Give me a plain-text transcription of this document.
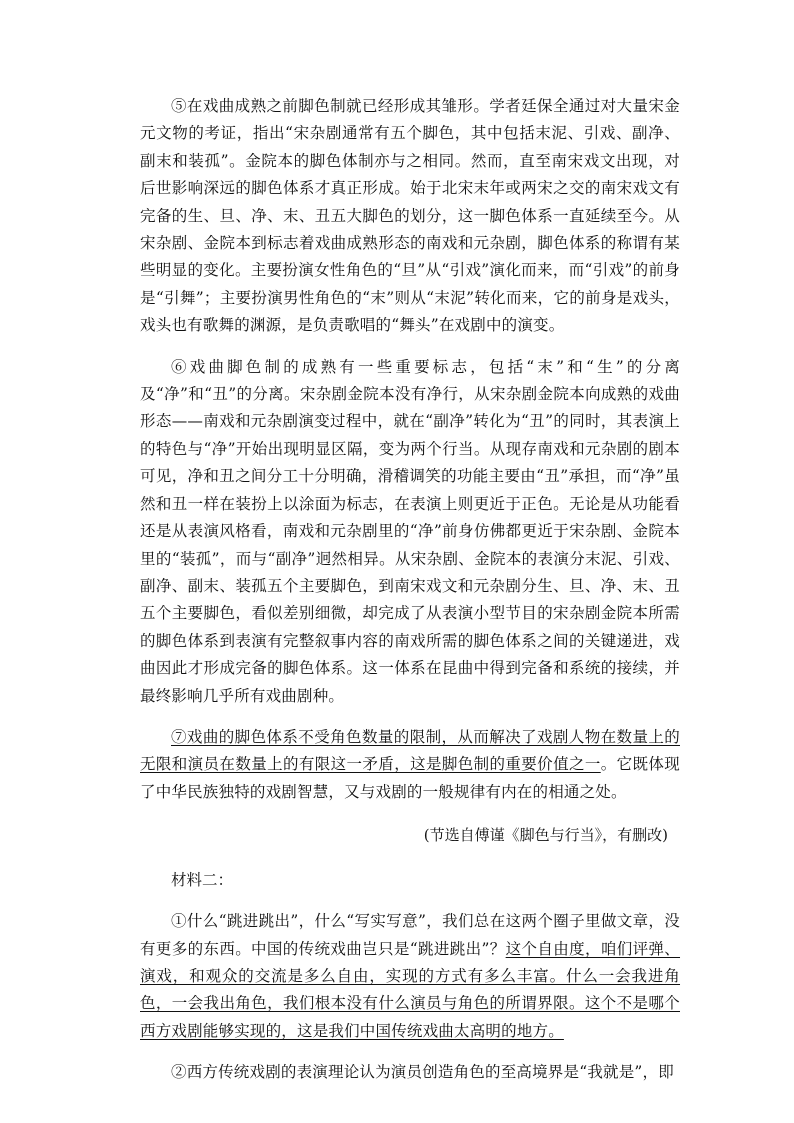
⑤在戏曲成熟之前脚色制就已经形成其雏形。学者廷保全通过对大量宋金元文物的考证，指出“宋杂剧通常有五个脚色，其中包括末泥、引戏、副净、副末和装孤”。金院本的脚色体制亦与之相同。然而，直至南宋戏文出现，对后世影响深远的脚色体系才真正形成。始于北宋末年或两宋之交的南宋戏文有完备的生、旦、净、末、丑五大脚色的划分，这一脚色体系一直延续至今。从宋杂剧、金院本到标志着戏曲成熟形态的南戏和元杂剧，脚色体系的称谓有某些明显的变化。主要扮演女性角色的“旦”从“引戏”演化而来，而“引戏”的前身是“引舞”；主要扮演男性角色的“末”则从“末泥”转化而来，它的前身是戏头，戏头也有歌舞的渊源，是负责歌唱的“舞头”在戏剧中的演变。

⑥戏曲脚色制的成熟有一些重要标志，包括“末”和“生”的分离及“净”和“丑”的分离。宋杂剧金院本没有净行，从宋杂剧金院本向成熟的戏曲形态——南戏和元杂剧演变过程中，就在“副净”转化为“丑”的同时，其表演上的特色与“净”开始出现明显区隔，变为两个行当。从现存南戏和元杂剧的剧本可见，净和丑之间分工十分明确，滑稽调笑的功能主要由“丑”承担，而“净”虽然和丑一样在装扮上以涂面为标志，在表演上则更近于正色。无论是从功能看还是从表演风格看，南戏和元杂剧里的“净”前身仿佛都更近于宋杂剧、金院本里的“装孤”，而与“副净”迥然相异。从宋杂剧、金院本的表演分末泥、引戏、副净、副末、装孤五个主要脚色，到南宋戏文和元杂剧分生、旦、净、末、丑五个主要脚色，看似差别细微，却完成了从表演小型节目的宋杂剧金院本所需的脚色体系到表演有完整叙事内容的南戏所需的脚色体系之间的关键递进，戏曲因此才形成完备的脚色体系。这一体系在昆曲中得到完备和系统的接续，并最终影响几乎所有戏曲剧种。

⑦戏曲的脚色体系不受角色数量的限制，从而解决了戏剧人物在数量上的无限和演员在数量上的有限这一矛盾，这是脚色制的重要价值之一。它既体现了中华民族独特的戏剧智慧，又与戏剧的一般规律有内在的相通之处。

(节选自傅谨《脚色与行当》，有删改)

材料二：

①什么“跳进跳出”，什么“写实写意”，我们总在这两个圈子里做文章，没有更多的东西。中国的传统戏曲岂只是“跳进跳出”？这个自由度，咱们评弹、演戏，和观众的交流是多么自由，实现的方式有多么丰富。什么一会我进角色，一会我出角色，我们根本没有什么演员与角色的所谓界限。这个不是哪个西方戏剧能够实现的，这是我们中国传统戏曲太高明的地方。

②西方传统戏剧的表演理论认为演员创造角色的至高境界是“我就是”，即
